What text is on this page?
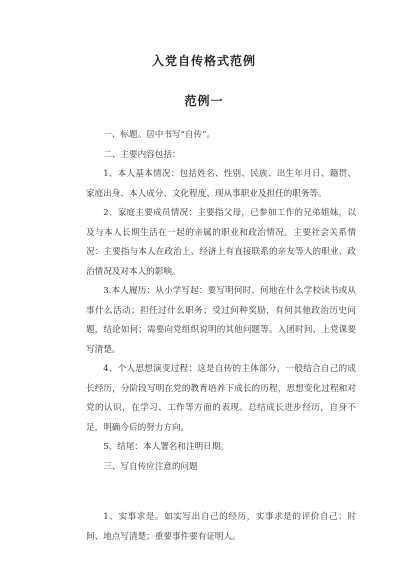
入党自传格式范例
范例一

一、标题。居中书写“自传”。

二、主要内容包括：

1、本人基本情况：包括姓名、性别、民族、出生年月日、籍贯、家庭出身、本人成分、文化程度、现从事职业及担任的职务等。

2、家庭主要成员情况：主要指父母，已参加工作的兄弟姐妹，以及与本人长期生活在一起的亲属的职业和政治情况。主要社会关系情况：主要指与本人在政治上、经济上有直接联系的亲友等人的职业、政治情况及对本人的影响。

3.本人履历：从小学写起：要写明何时、何地在什么学校读书或从事什么活动；担任过什么职务；受过何种奖励，有何其他政治历史问题，结论如何；需要向党组织说明的其他问题等。入团时间、上党课要写清楚。

4、个人思想演变过程：这是自传的主体部分，一般结合自己的成长经历，分阶段写明在党的教育培养下成长的历程，思想变化过程和对党的认识，在学习、工作等方面的表现。总结成长进步经历，自身不足，明确今后的努力方向。

5、结尾：本人署名和注明日期。

三、写自传应注意的问题

1、实事求是。如实写出自己的经历，实事求是的评价自己；时间、地点写清楚；重要事件要有证明人。
